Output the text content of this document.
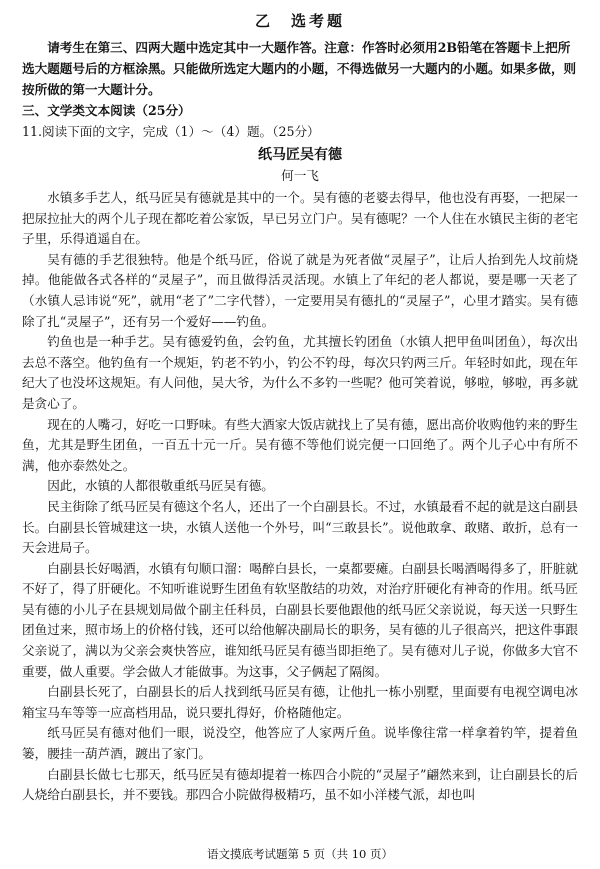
乙　选考题

请考生在第三、四两大题中选定其中一大题作答。注意：作答时必须用2B铅笔在答题卡上把所选大题题号后的方框涂黑。只能做所选定大题内的小题，不得选做另一大题内的小题。如果多做，则按所做的第一大题计分。

三、文学类文本阅读（25分）

11.阅读下面的文字，完成（1）～（4）题。（25分）

纸马匠吴有德
何一飞

水镇多手艺人，纸马匠吴有德就是其中的一个。吴有德的老婆去得早，他也没有再娶，一把屎一把尿拉扯大的两个儿子现在都吃着公家饭，早已另立门户。吴有德呢？一个人住在水镇民主街的老宅子里，乐得逍遥自在。

吴有德的手艺很独特。他是个纸马匠，俗说了就是为死者做“灵屋子”，让后人抬到先人坟前烧掉。他能做各式各样的“灵屋子”，而且做得活灵活现。水镇上了年纪的老人都说，要是哪一天老了（水镇人忌讳说“死”，就用“老了”二字代替），一定要用吴有德扎的“灵屋子”，心里才踏实。吴有德除了扎“灵屋子”，还有另一个爱好——钓鱼。

钓鱼也是一种手艺。吴有德爱钓鱼，会钓鱼，尤其擅长钓团鱼（水镇人把甲鱼叫团鱼），每次出去总不落空。他钓鱼有一个规矩，钓老不钓小，钓公不钓母，每次只钓两三斤。年轻时如此，现在年纪大了也没坏这规矩。有人问他，吴大爷，为什么不多钓一些呢？他可笑着说，够啦，够啦，再多就是贪心了。

现在的人嘴刁，好吃一口野味。有些大酒家大饭店就找上了吴有德，愿出高价收购他钓来的野生鱼，尤其是野生团鱼，一百五十元一斤。吴有德不等他们说完便一口回绝了。两个儿子心中有所不满，他亦泰然处之。

因此，水镇的人都很敬重纸马匠吴有德。

民主街除了纸马匠吴有德这个名人，还出了一个白副县长。不过，水镇最看不起的就是这白副县长。白副县长管城建这一块，水镇人送他一个外号，叫“三敢县长”。说他敢拿、敢赌、敢折，总有一天会进局子。

白副县长好喝酒，水镇有句顺口溜：喝醉白县长，一桌都要瘫。白副县长喝酒喝得多了，肝脏就不好了，得了肝硬化。不知听谁说野生团鱼有软坚散结的功效，对治疗肝硬化有神奇的作用。纸马匠吴有德的小儿子在县规划局做个副主任科员，白副县长要他跟他的纸马匠父亲说说，每天送一只野生团鱼过来，照市场上的价格付钱，还可以给他解决副局长的职务，吴有德的儿子很高兴，把这件事跟父亲说了，满以为父亲会爽快答应，谁知纸马匠吴有德当即拒绝了。吴有德对儿子说，你做多大官不重要，做人重要。学会做人才能做事。为这事，父子俩起了隔阂。

白副县长死了，白副县长的后人找到纸马匠吴有德，让他扎一栋小别墅，里面要有电视空调电冰箱宝马车等等一应高档用品，说只要扎得好，价格随他定。

纸马匠吴有德对他们一眼，说没空，他答应了人家两斤鱼。说毕像往常一样拿着钓竿，提着鱼篓，腰挂一葫芦酒，踱出了家门。

白副县长做七七那天，纸马匠吴有德却提着一栋四合小院的“灵屋子”翩然来到，让白副县长的后人烧给白副县长，并不要钱。那四合小院做得极精巧，虽不如小洋楼气派，却也叫

语文摸底考试题第 5 页（共 10 页）
